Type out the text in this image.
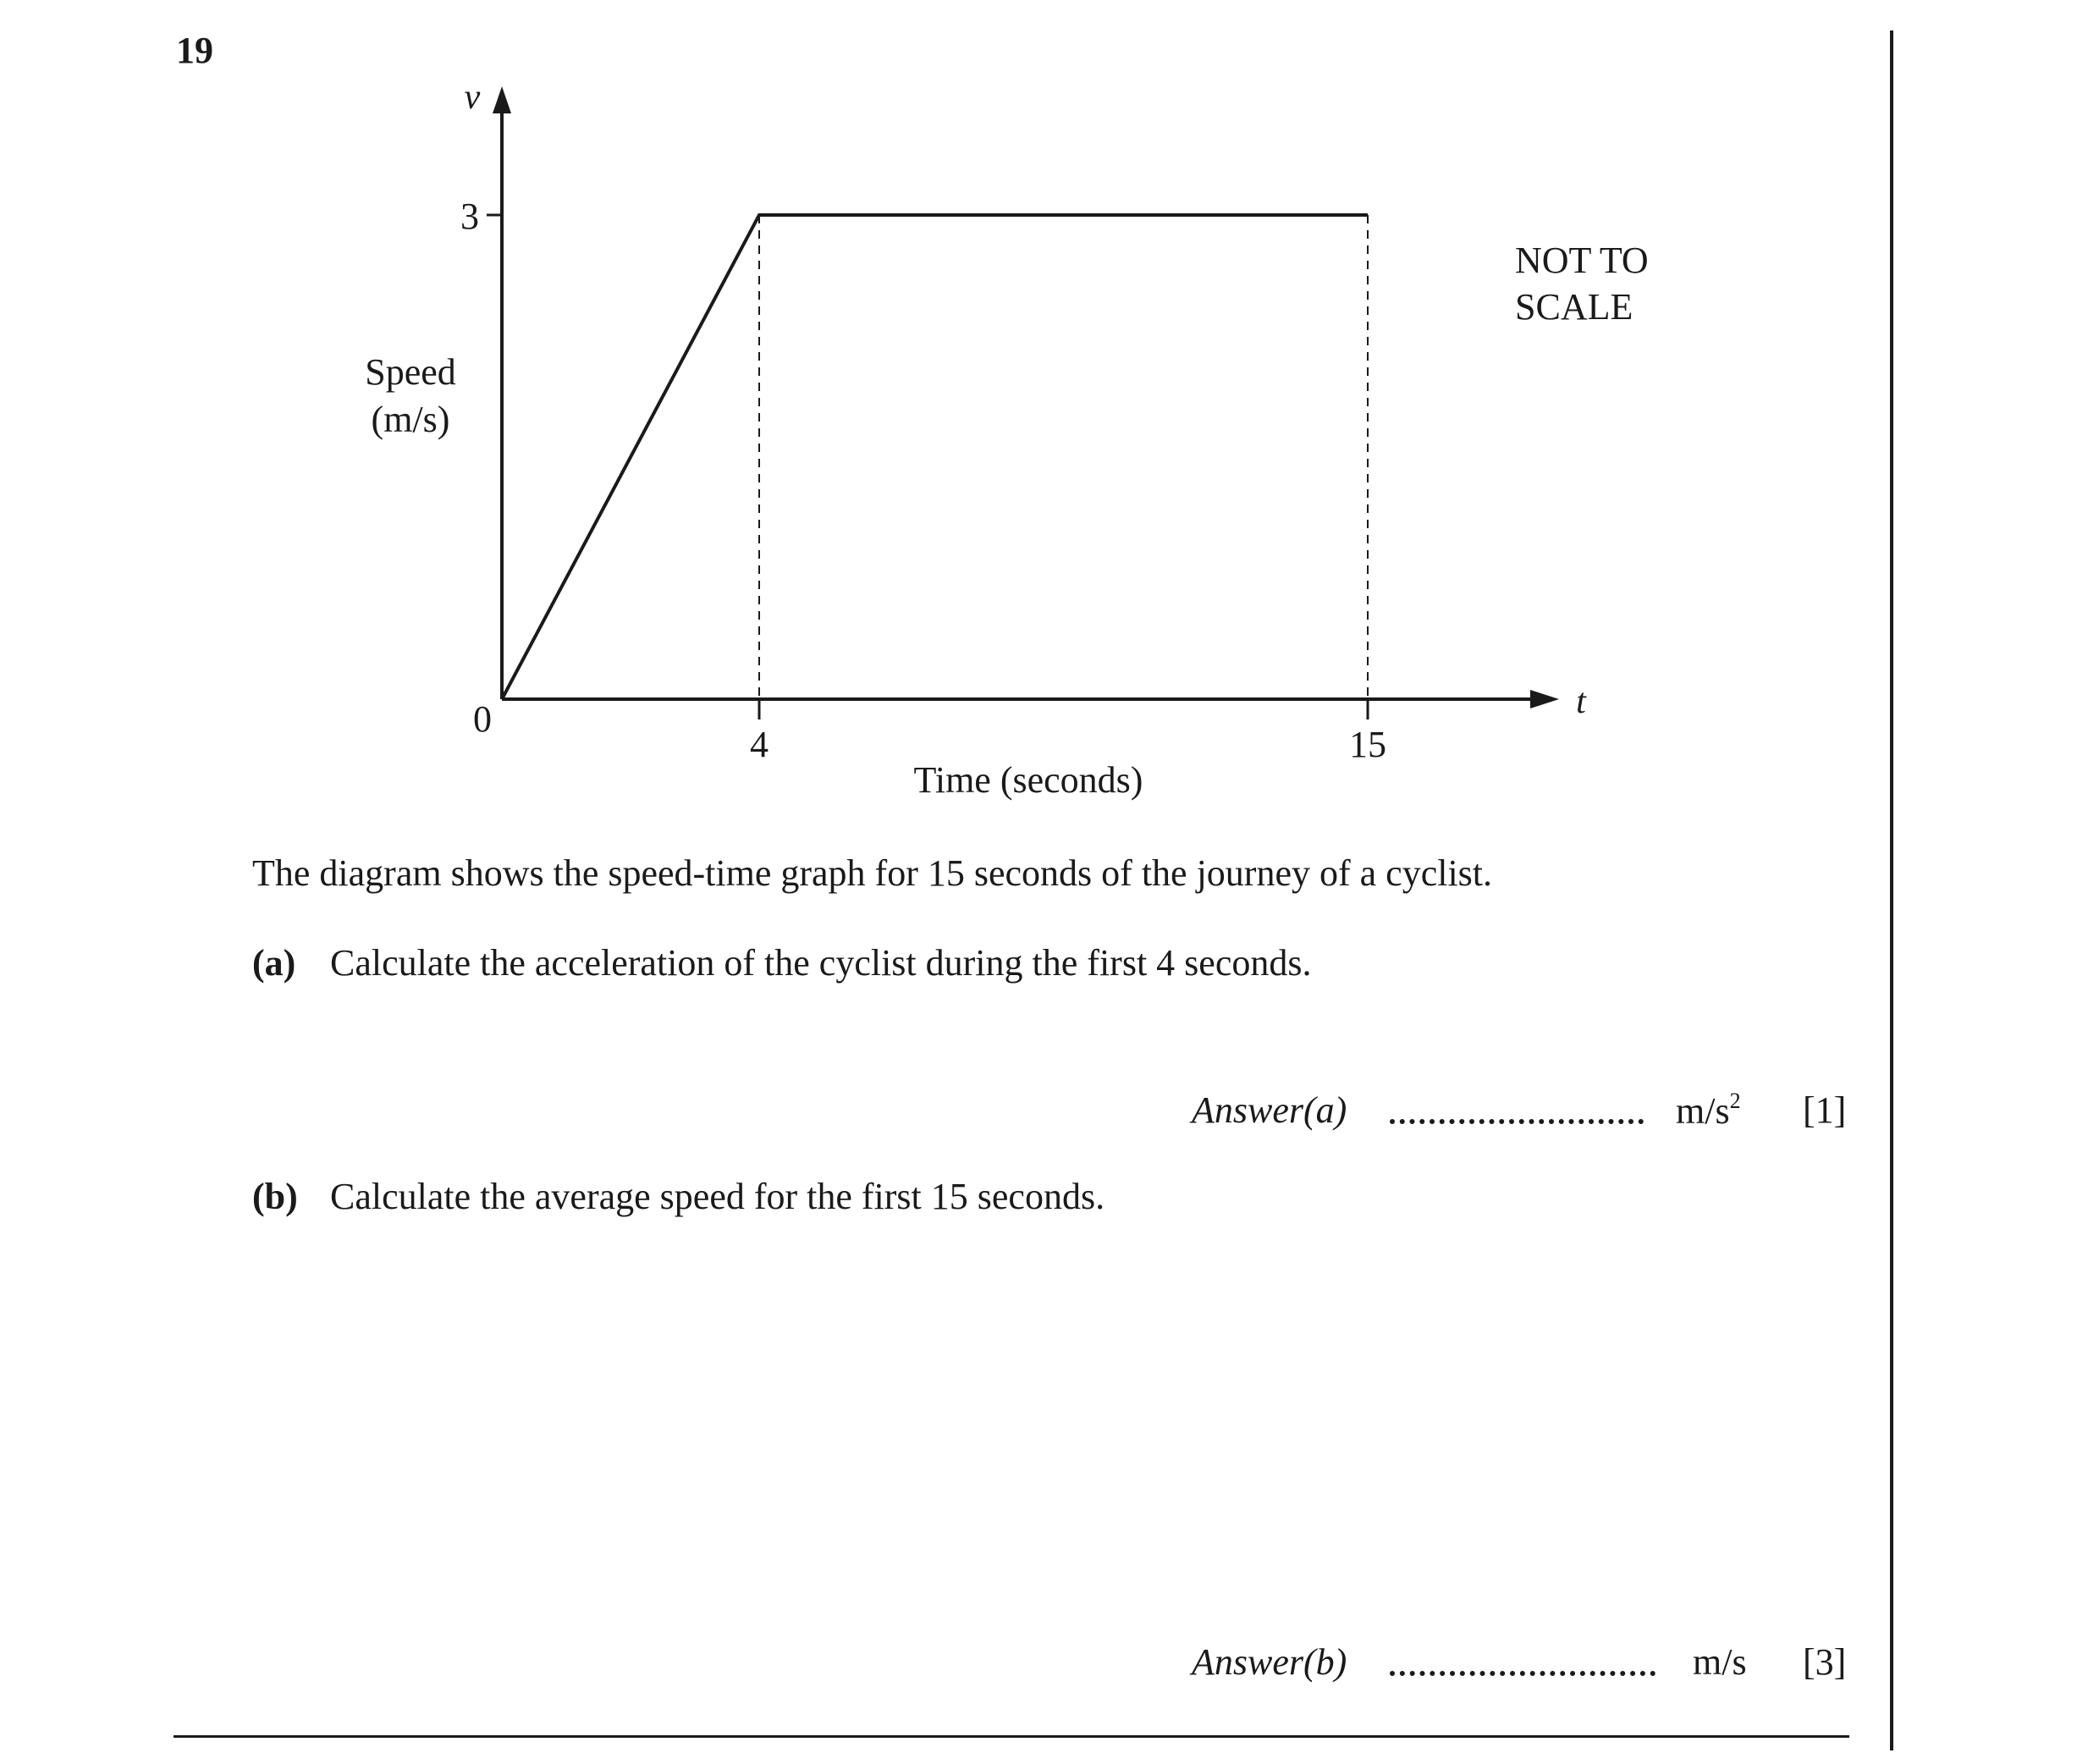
19
v
t
3
0
4	15
Time (seconds)
Speed
(m/s)
NOT TO
SCALE
The diagram shows the speed-time graph for 15 seconds of the journey of a cyclist.
(a) Calculate the acceleration of the cyclist during the first 4 seconds.
Answer(a)	$m/s^2$ [1]
(b) Calculate the average speed for the first 15 seconds.
Answer(b)	m/s [3]
